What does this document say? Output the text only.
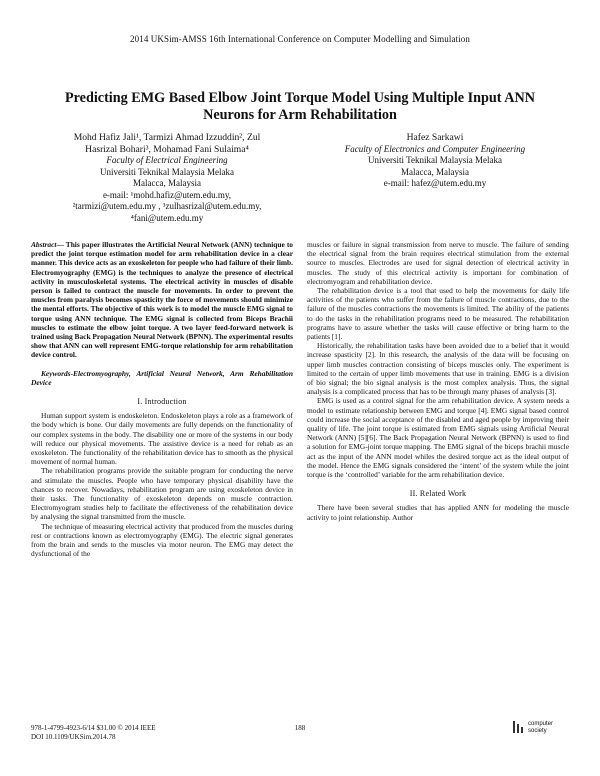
2014 UKSim-AMSS 16th International Conference on Computer Modelling and Simulation
Predicting EMG Based Elbow Joint Torque Model Using Multiple Input ANN
Neurons for Arm Rehabilitation
Mohd Hafiz Jali¹, Tarmizi Ahmad Izzuddin², Zul
Hasrizal Bohari³, Mohamad Fani Sulaima⁴
Faculty of Electrical Engineering
Universiti Teknikal Malaysia Melaka
Malacca, Malaysia
e-mail: ¹mohd.hafiz@utem.edu.my,
²tarmizi@utem.edu.my , ³zulhasrizal@utem.edu.my,
⁴fani@utem.edu.my
Hafez Sarkawi
Faculty of Electronics and Computer Engineering
Universiti Teknikal Malaysia Melaka
Malacca, Malaysia
e-mail: hafez@utem.edu.my

Abstract— This paper illustrates the Artificial Neural Network (ANN) technique to predict the joint torque estimation model for arm rehabilitation device in a clear manner. This device acts as an exoskeleton for people who had failure of their limb. Electromyography (EMG) is the techniques to analyze the presence of electrical activity in musculoskeletal systems. The electrical activity in muscles of disable person is failed to contract the muscle for movements. In order to prevent the muscles from paralysis becomes spasticity the force of movements should minimize the mental efforts. The objective of this work is to model the muscle EMG signal to torque using ANN technique. The EMG signal is collected from Biceps Brachii muscles to estimate the elbow joint torque. A two layer feed-forward network is trained using Back Propagation Neural Network (BPNN). The experimental results show that ANN can well represent EMG-torque relationship for arm rehabilitation device control.

Keywords-Electromyography, Artificial Neural Network, Arm Rehabilitation Device

I. Introduction

Human support system is endoskeleton. Endoskeleton plays a role as a framework of the body which is bone. Our daily movements are fully depends on the functionality of our complex systems in the body. The disability one or more of the systems in our body will reduce our physical movements. The assistive device is a need for rehab as an exoskeleton. The functionality of the rehabilitation device has to smooth as the physical movement of normal human.

The rehabilitation programs provide the suitable program for conducting the nerve and stimulate the muscles. People who have temporary physical disability have the chances to recover. Nowadays, rehabilitation program are using exoskeleton device in their tasks. The functionality of exoskeleton depends on muscle contraction. Electromyogram studies help to facilitate the effectiveness of the rehabilitation device by analysing the signal transmitted from the muscle.

The technique of measuring electrical activity that produced from the muscles during rest or contractions known as electromyography (EMG). The electric signal generates from the brain and sends to the muscles via motor neuron. The EMG may detect the dysfunctional of the

muscles or failure in signal transmission from nerve to muscle. The failure of sending the electrical signal from the brain requires electrical stimulation from the external source to muscles. Electrodes are used for signal detection of electrical activity in muscles. The study of this electrical activity is important for combination of electromyogram and rehabilitation device.

The rehabilitation device is a tool that used to help the movements for daily life activities of the patients who suffer from the failure of muscle contractions, due to the failure of the muscles contractions the movements is limited. The ability of the patients to do the tasks in the rehabilitation programs need to be measured. The rehabilitation programs have to assure whether the tasks will cause effective or bring harm to the patients [1].

Historically, the rehabilitation tasks have been avoided due to a belief that it would increase spasticity [2]. In this research, the analysis of the data will be focusing on upper limb muscles contraction consisting of biceps muscles only. The experiment is limited to the certain of upper limb movements that use in training. EMG is a division of bio signal; the bio signal analysis is the most complex analysis. Thus, the signal analysis is a complicated process that has to be through many phases of analysis [3].

EMG is used as a control signal for the arm rehabilitation device. A system needs a model to estimate relationship between EMG and torque [4]. EMG signal based control could increase the social acceptance of the disabled and aged people by improving their quality of life. The joint torque is estimated from EMG signals using Artificial Neural Network (ANN) [5][6]. The Back Propagation Neural Network (BPNN) is used to find a solution for EMG-joint torque mapping. The EMG signal of the biceps brachii muscle act as the input of the ANN model whiles the desired torque act as the ideal output of the model. Hence the EMG signals considered the ‘intent’ of the system while the joint torque is the ‘controlled’ variable for the arm rehabilitation device.

II. Related Work

There have been several studies that has applied ANN for modeling the muscle activity to joint relationship. Author

978-1-4799-4923-6/14 $31.00 © 2014 IEEE
DOI 10.1109/UKSim.2014.78
188	computer
society
